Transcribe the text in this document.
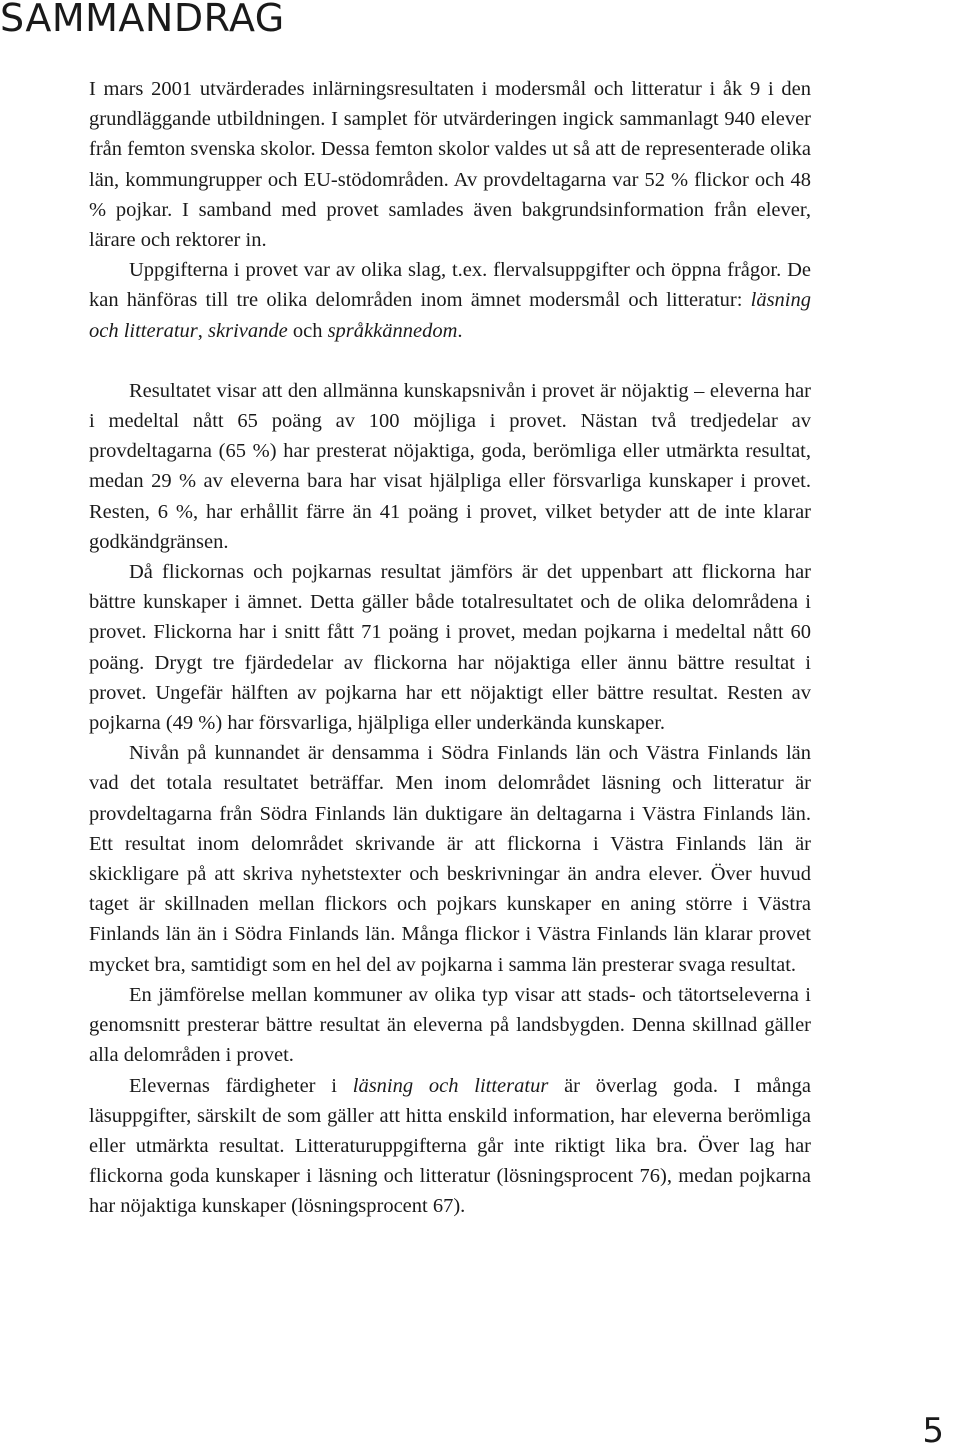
SAMMANDRAG

I mars 2001 utvärderades inlärningsresultaten i modersmål och litteratur i åk 9 i den grundläggande utbildningen. I samplet för utvärderingen ingick sammanlagt 940 elever från femton svenska skolor. Dessa femton skolor valdes ut så att de representerade olika län, kommungrupper och EU-stödområden. Av provdeltagarna var 52 % flickor och 48 % pojkar. I samband med provet samlades även bakgrundsinformation från elever, lärare och rektorer in.

Uppgifterna i provet var av olika slag, t.ex. flervalsuppgifter och öppna frågor. De kan hänföras till tre olika delområden inom ämnet modersmål och litteratur: läsning och litteratur, skrivande och språkkännedom.

Resultatet visar att den allmänna kunskapsnivån i provet är nöjaktig – eleverna har i medeltal nått 65 poäng av 100 möjliga i provet. Nästan två tredjedelar av provdeltagarna (65 %) har presterat nöjaktiga, goda, berömliga eller utmärkta resultat, medan 29 % av eleverna bara har visat hjälpliga eller försvarliga kunskaper i provet. Resten, 6 %, har erhållit färre än 41 poäng i provet, vilket betyder att de inte klarar godkändgränsen.

Då flickornas och pojkarnas resultat jämförs är det uppenbart att flickorna har bättre kunskaper i ämnet. Detta gäller både totalresultatet och de olika delområdena i provet. Flickorna har i snitt fått 71 poäng i provet, medan pojkarna i medeltal nått 60 poäng. Drygt tre fjärdedelar av flickorna har nöjaktiga eller ännu bättre resultat i provet. Ungefär hälften av pojkarna har ett nöjaktigt eller bättre resultat. Resten av pojkarna (49 %) har försvarliga, hjälpliga eller underkända kunskaper.

Nivån på kunnandet är densamma i Södra Finlands län och Västra Finlands län vad det totala resultatet beträffar. Men inom delområdet läsning och litteratur är provdeltagarna från Södra Finlands län duktigare än deltagarna i Västra Finlands län. Ett resultat inom delområdet skrivande är att flickorna i Västra Finlands län är skickligare på att skriva nyhetstexter och beskrivningar än andra elever. Över huvud taget är skillnaden mellan flickors och pojkars kunskaper en aning större i Västra Finlands län än i Södra Finlands län. Många flickor i Västra Finlands län klarar provet mycket bra, samtidigt som en hel del av pojkarna i samma län presterar svaga resultat.

En jämförelse mellan kommuner av olika typ visar att stads- och tätortseleverna i genomsnitt presterar bättre resultat än eleverna på landsbygden. Denna skillnad gäller alla delområden i provet.

Elevernas färdigheter i läsning och litteratur är överlag goda. I många läsuppgifter, särskilt de som gäller att hitta enskild information, har eleverna berömliga eller utmärkta resultat. Litteraturuppgifterna går inte riktigt lika bra. Över lag har flickorna goda kunskaper i läsning och litteratur (lösningsprocent 76), medan pojkarna har nöjaktiga kunskaper (lösningsprocent 67).

5
